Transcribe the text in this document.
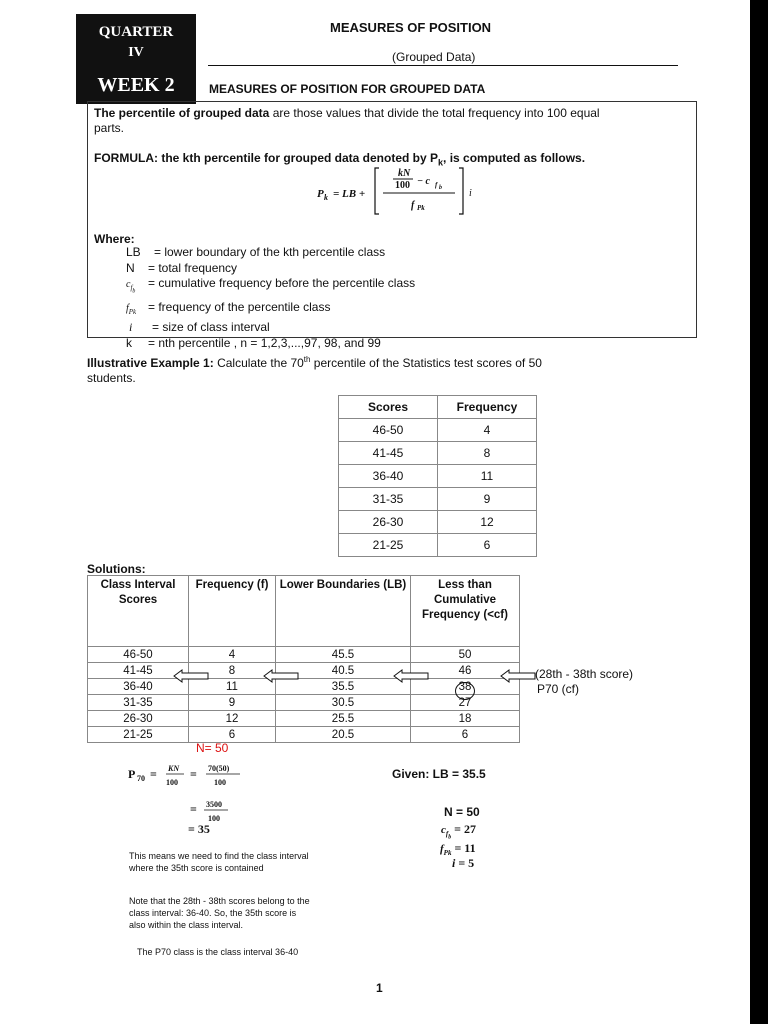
QUARTER
IV
WEEK 2
MEASURES OF POSITION
(Grouped Data)
MEASURES OF POSITION FOR GROUPED DATA
The percentile of grouped data are those values that divide the total frequency into 100 equal
parts.
FORMULA: the kth percentile for grouped data denoted by $P_k$, is computed as follows.
P k = LB +
kN
100 − c f b
f Pk
i
Where:
LB = lower boundary of the kth percentile class
N = total frequency
$c_{f_b}=$ cumulative frequency before the percentile class
$f_{Pk}$ = frequency of the percentile class
i = size of class interval
k = nth percentile , n = 1,2,3,...,97, 98, and 99
Illustrative Example 1: Calculate the 70th percentile of the Statistics test scores of 50
students.
Scores	Frequency
46-50	4
41-45	8
36-40	11
31-35	9
26-30	12
21-25	6
Solutions:
Class Interval Scores	Frequency (f)	Lower Boundaries (LB)	Less than Cumulative Frequency (<cf)
46-50	4	45.5	50
41-45	8	40.5	46
36-40	11	35.5	38
31-35	9	30.5	27
26-30	12	25.5	18
21-25	6	20.5	6
(28th - 38th score)
P70 (cf)
N= 50
P 70 = KN
100
= 70(50)
100
= 3500
100
= 35
Given: LB = 35.5
N = 50
$c_{f_b} = 27$
$f_{Pk} = 11$
i = 5
This means we need to find the class interval where the 35th score is contained
Note that the 28th - 38th scores belong to the class interval: 36-40. So, the 35th score is also within the class interval.
The P70 class is the class interval 36-40
1
